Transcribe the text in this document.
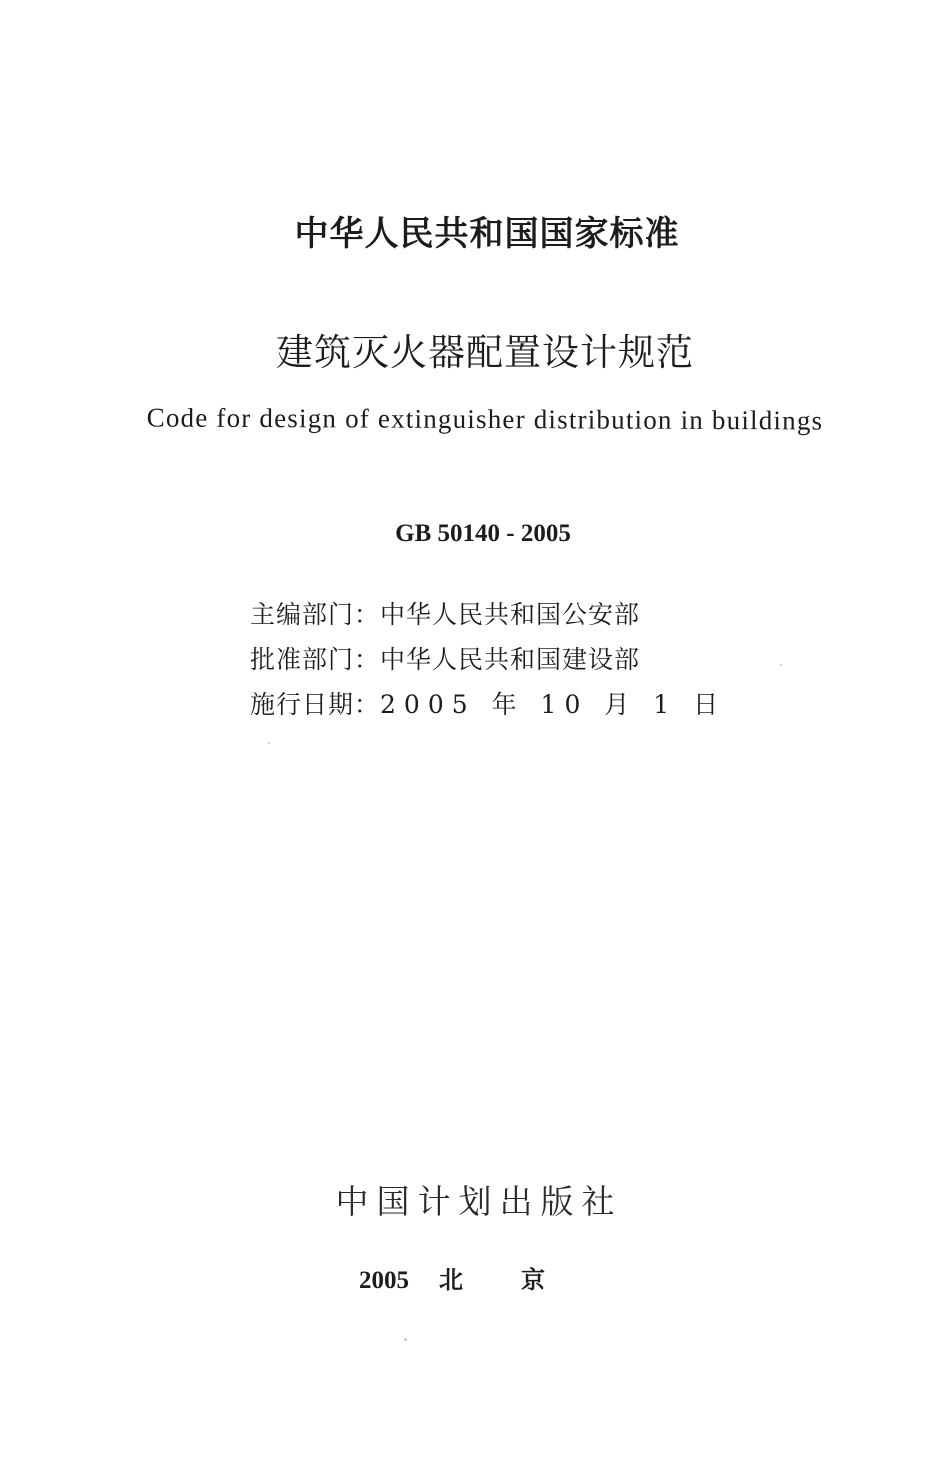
中华人民共和国国家标准
建筑灭火器配置设计规范
Code for design of extinguisher distribution in buildings
GB 50140 - 2005
主编部门：中华人民共和国公安部
批准部门：中华人民共和国建设部
施行日期：2005 年 10 月 1 日
中国计划出版社
2005 北京
